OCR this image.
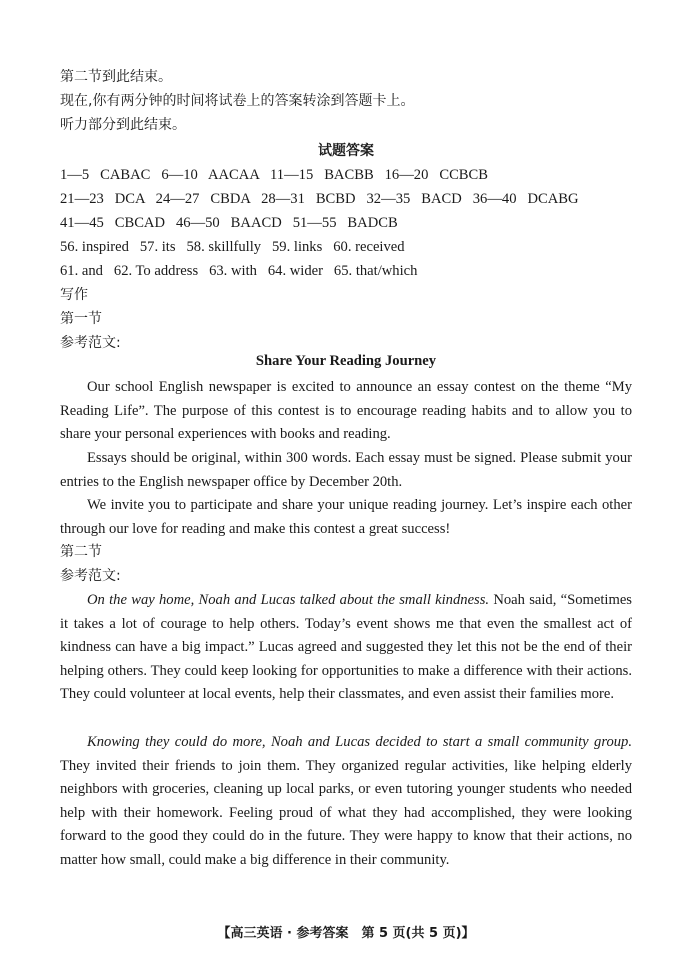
第二节到此结束。
现在,你有两分钟的时间将试卷上的答案转涂到答题卡上。
听力部分到此结束。
试题答案
1—5   CABAC   6—10   AACAA   11—15   BACBB   16—20   CCBCB
21—23   DCA   24—27   CBDA   28—31   BCBD   32—35   BACD   36—40   DCABG
41—45   CBCAD   46—50   BAACD   51—55   BADCB
56. inspired   57. its   58. skillfully   59. links   60. received
61. and   62. To address   63. with   64. wider   65. that/which
写作
第一节
参考范文:
Share Your Reading Journey
Our school English newspaper is excited to announce an essay contest on the theme “My Reading Life”. The purpose of this contest is to encourage reading habits and to allow you to share your personal experiences with books and reading.
Essays should be original, within 300 words. Each essay must be signed. Please submit your entries to the English newspaper office by December 20th.
We invite you to participate and share your unique reading journey. Let’s inspire each other through our love for reading and make this contest a great success!
第二节
参考范文:
On the way home, Noah and Lucas talked about the small kindness. Noah said, “Sometimes it takes a lot of courage to help others. Today’s event shows me that even the smallest act of kindness can have a big impact.” Lucas agreed and suggested they let this not be the end of their helping others. They could keep looking for opportunities to make a difference with their actions. They could volunteer at local events, help their classmates, and even assist their families more.
Knowing they could do more, Noah and Lucas decided to start a small community group. They invited their friends to join them. They organized regular activities, like helping elderly neighbors with groceries, cleaning up local parks, or even tutoring younger students who needed help with their homework. Feeling proud of what they had accomplished, they were looking forward to the good they could do in the future. They were happy to know that their actions, no matter how small, could make a big difference in their community.
【高三英语 · 参考答案　第 5 页(共 5 页)】
